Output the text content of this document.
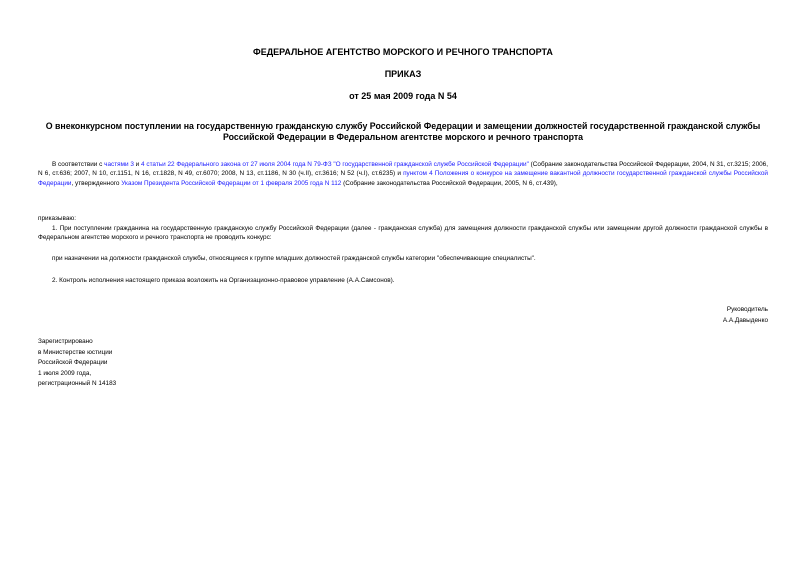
ФЕДЕРАЛЬНОЕ АГЕНТСТВО МОРСКОГО И РЕЧНОГО ТРАНСПОРТА
ПРИКАЗ
от 25 мая 2009 года N 54
О внеконкурсном поступлении на государственную гражданскую службу Российской Федерации и замещении должностей государственной гражданской службы Российской Федерации в Федеральном агентстве морского и речного транспорта
В соответствии с частями 3 и 4 статьи 22 Федерального закона от 27 июля 2004 года N 79-ФЗ "О государственной гражданской службе Российской Федерации" (Собрание законодательства Российской Федерации, 2004, N 31, ст.3215; 2006, N 6, ст.636; 2007, N 10, ст.1151, N 16, ст.1828, N 49, ст.6070; 2008, N 13, ст.1186, N 30 (ч.II), ст.3616; N 52 (ч.I), ст.6235) и пунктом 4 Положения о конкурсе на замещение вакантной должности государственной гражданской службы Российской Федерации, утвержденного Указом Президента Российской Федерации от 1 февраля 2005 года N 112 (Собрание законодательства Российской Федерации, 2005, N 6, ст.439),
приказываю:
1. При поступлении гражданина на государственную гражданскую службу Российской Федерации (далее - гражданская служба) для замещения должности гражданской службы или замещении другой должности гражданской службы в Федеральном агентстве морского и речного транспорта не проводить конкурс:
при назначении на должности гражданской службы, относящиеся к группе младших должностей гражданской службы категории "обеспечивающие специалисты".
2. Контроль исполнения настоящего приказа возложить на Организационно-правовое управление (А.А.Самсонов).
Руководитель
А.А.Давыденко
Зарегистрировано
в Министерстве юстиции
Российской Федерации
1 июля 2009 года,
регистрационный N 14183
